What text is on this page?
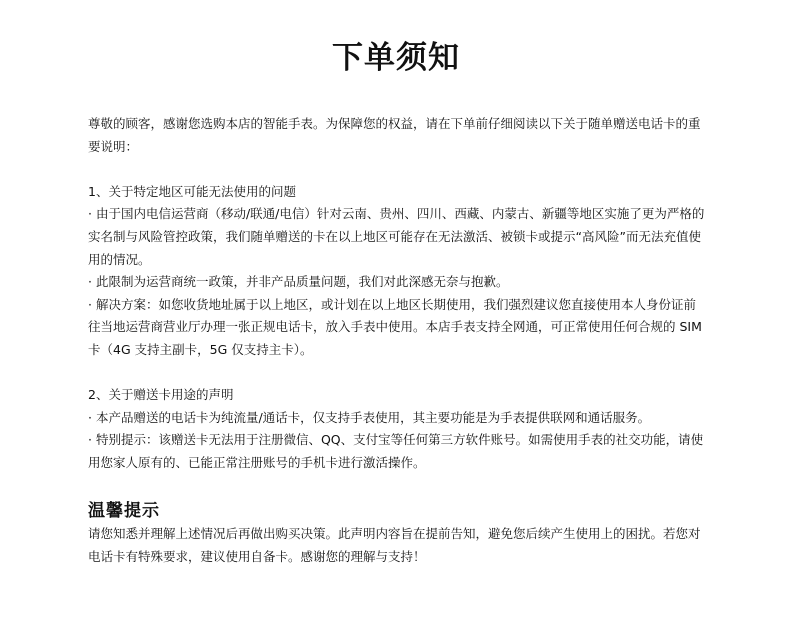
下单须知

尊敬的顾客，感谢您选购本店的智能手表。为保障您的权益，请在下单前仔细阅读以下关于随单赠送电话卡的重要说明：

1、关于特定地区可能无法使用的问题

· 由于国内电信运营商（移动/联通/电信）针对云南、贵州、四川、西藏、内蒙古、新疆等地区实施了更为严格的实名制与风险管控政策，我们随单赠送的卡在以上地区可能存在无法激活、被锁卡或提示“高风险”而无法充值使用的情况。

· 此限制为运营商统一政策，并非产品质量问题，我们对此深感无奈与抱歉。

· 解决方案：如您收货地址属于以上地区，或计划在以上地区长期使用，我们强烈建议您直接使用本人身份证前往当地运营商营业厅办理一张正规电话卡，放入手表中使用。本店手表支持全网通，可正常使用任何合规的 SIM 卡（4G 支持主副卡，5G 仅支持主卡）。

2、关于赠送卡用途的声明

· 本产品赠送的电话卡为纯流量/通话卡，仅支持手表使用，其主要功能是为手表提供联网和通话服务。

· 特别提示：该赠送卡无法用于注册微信、QQ、支付宝等任何第三方软件账号。如需使用手表的社交功能，请使用您家人原有的、已能正常注册账号的手机卡进行激活操作。

温馨提示

请您知悉并理解上述情况后再做出购买决策。此声明内容旨在提前告知，避免您后续产生使用上的困扰。若您对电话卡有特殊要求，建议使用自备卡。感谢您的理解与支持！
